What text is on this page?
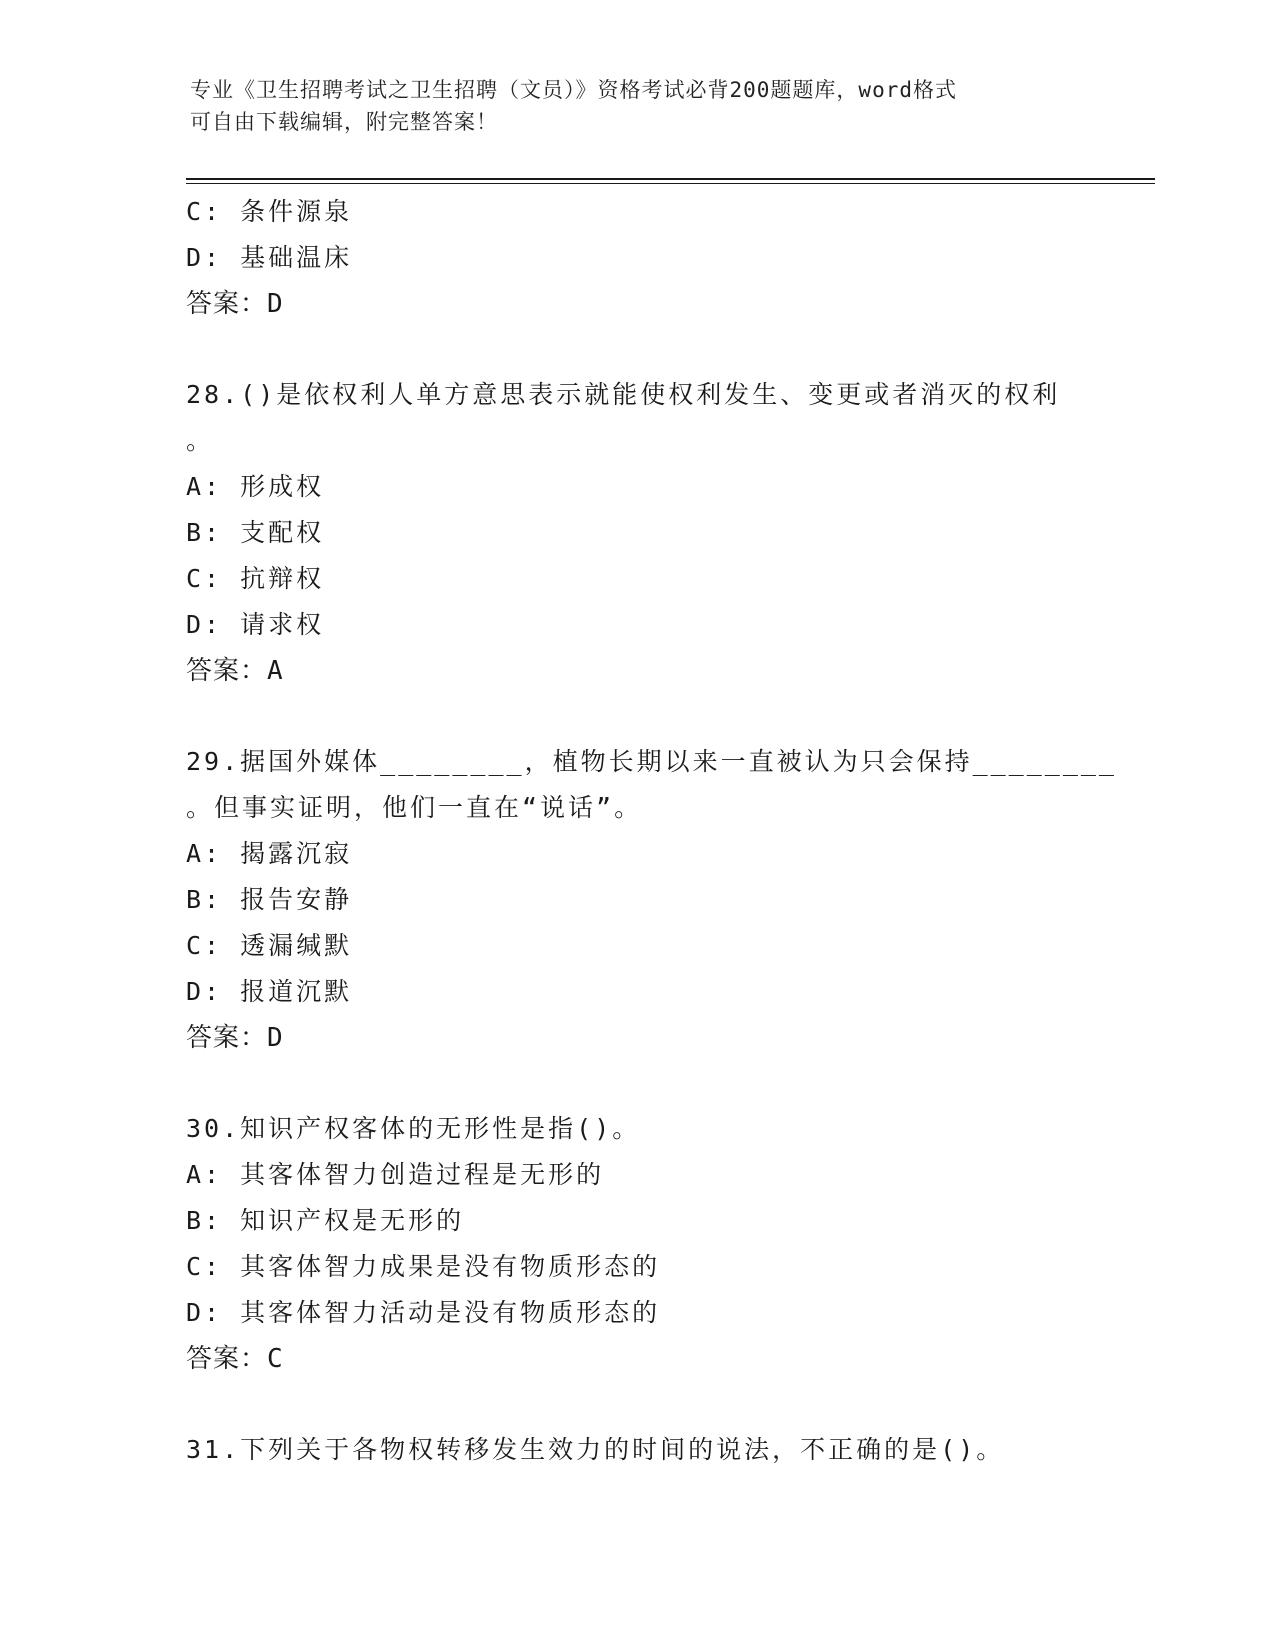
专业《卫生招聘考试之卫生招聘（文员）》资格考试必背200题题库，word格式
可自由下载编辑，附完整答案！
C: 条件源泉
D: 基础温床
答案：D
28.()是依权利人单方意思表示就能使权利发生、变更或者消灭的权利
。
A: 形成权
B: 支配权
C: 抗辩权
D: 请求权
答案：A
29.据国外媒体________，植物长期以来一直被认为只会保持________
。但事实证明，他们一直在“说话”。
A: 揭露沉寂
B: 报告安静
C: 透漏缄默
D: 报道沉默
答案：D
30.知识产权客体的无形性是指()。
A: 其客体智力创造过程是无形的
B: 知识产权是无形的
C: 其客体智力成果是没有物质形态的
D: 其客体智力活动是没有物质形态的
答案：C
31.下列关于各物权转移发生效力的时间的说法，不正确的是()。
